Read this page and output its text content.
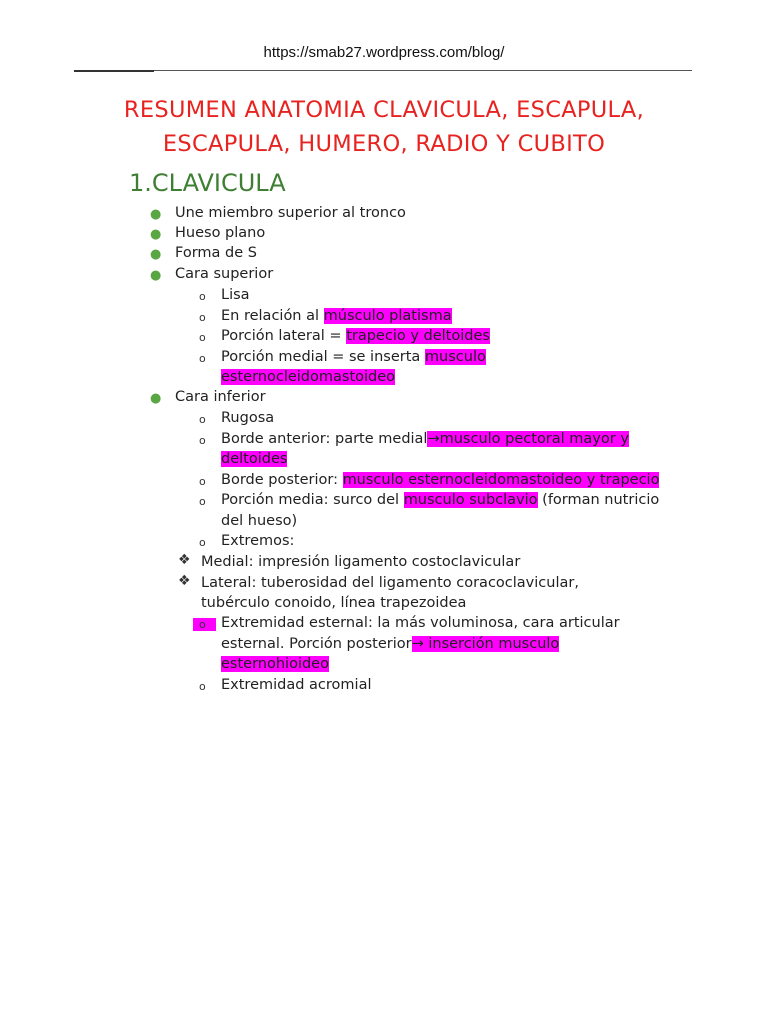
https://smab27.wordpress.com/blog/
RESUMEN ANATOMIA CLAVICULA, ESCAPULA,
ESCAPULA, HUMERO, RADIO Y CUBITO
1.CLAVICULA
● Une miembro superior al tronco
● Hueso plano
● Forma de S
● Cara superior
o Lisa
o En relación al músculo platisma
o Porción lateral = trapecio y deltoides
o Porción medial = se inserta musculo
esternocleidomastoideo
● Cara inferior
o Rugosa
o Borde anterior: parte medial→musculo pectoral mayor y
deltoides
o Borde posterior: musculo esternocleidomastoideo y trapecio
o Porción media: surco del musculo subclavio (forman nutricio
del hueso)
o Extremos:
❖ Medial: impresión ligamento costoclavicular
❖ Lateral: tuberosidad del ligamento coracoclavicular,
tubérculo conoido, línea trapezoidea
o	Extremidad esternal: la más voluminosa, cara articular
esternal. Porción posterior→ inserción musculo
esternohioideo
o Extremidad acromial
